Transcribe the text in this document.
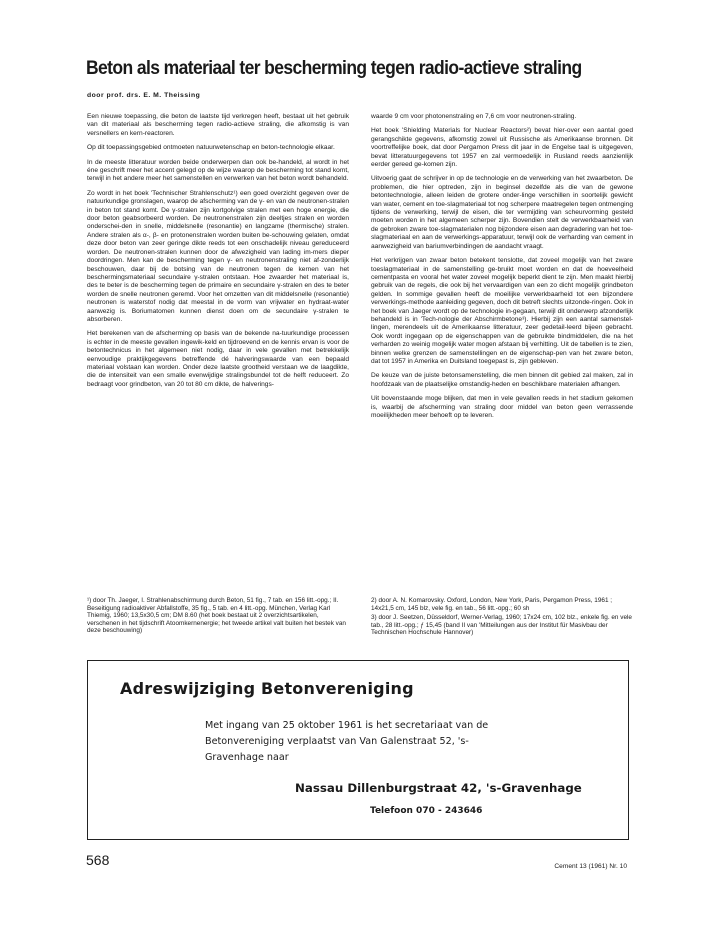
Beton als materiaal ter bescherming tegen radio-actieve straling

door prof. drs. E. M. Theissing

Een nieuwe toepassing, die beton de laatste tijd verkregen heeft, bestaat uit het gebruik van dit materiaal als bescherming tegen radio-actieve straling, die afkomstig is van versnellers en kern-reactoren.

Op dit toepassingsgebied ontmoeten natuurwetenschap en beton-technologie elkaar.

In de meeste litteratuur worden beide onderwerpen dan ook be-handeld, al wordt in het éne geschrift meer het accent gelegd op de wijze waarop de bescherming tot stand komt, terwijl in het andere meer het samenstellen en verwerken van het beton wordt behandeld.

Zo wordt in het boek 'Technischer Strahlenschutz¹) een goed overzicht gegeven over de natuurkundige gronslagen, waarop de afscherming van de γ- en van de neutronen-stralen in beton tot stand komt. De γ-stralen zijn kortgolvige stralen met een hoge energie, die door beton geabsorbeerd worden. De neutronenstralen zijn deeltjes stralen en worden onderschei-den in snelle, middelsnelle (resonantie) en langzame (thermische) stralen. Andere stralen als α-, β- en protonenstralen worden buiten be-schouwing gelaten, omdat deze door beton van zeer geringe dikte reeds tot een onschadelijk niveau gereduceerd worden. De neutronen-stralen kunnen door de afwezigheid van lading im-mers dieper doordringen. Men kan de bescherming tegen γ- en neutronenstraling niet af-zonderlijk beschouwen, daar bij de botsing van de neutronen tegen de kernen van het beschermingsmateriaal secundaire γ-stralen ontstaan. Hoe zwaarder het materiaal is, des te beter is de bescherming tegen de primaire en secundaire γ-stralen en des te beter worden de snelle neutronen geremd. Voor het omzetten van dit middelsnelle (resonantie) neutronen is waterstof nodig dat meestal in de vorm van vrijwater en hydraat-water aanwezig is. Boriumatomen kunnen dienst doen om de secundaire γ-stralen te absorberen.

Het berekenen van de afscherming op basis van de bekende na-tuurkundige processen is echter in de meeste gevallen ingewik-keld en tijdroevend en de kennis ervan is voor de betontechnicus in het algemeen niet nodig, daar in vele gevallen met betrekkelijk eenvoudige praktijkgegevens betreffende dé halveringswaarde van een bepaald materiaal volstaan kan worden. Onder deze laatste grootheid verstaan we de laagdikte, die de intensiteit van een smalle evenwijdige stralingsbundel tot de helft reduceert. Zo bedraagt voor grindbeton, van 20 tot 80 cm dikte, de halverings-

waarde 9 cm voor photonenstraling en 7,6 cm voor neutronen-straling.

Het boek 'Shielding Materials for Nuclear Reactors²) bevat hier-over een aantal goed gerangschikte gegevens, afkomstig zowel uit Russische als Amerikaanse bronnen. Dit voortreffelijke boek, dat door Pergamon Press dit jaar in de Engelse taal is uitgegeven, bevat litteratuurgegevens tot 1957 en zal vermoedelijk in Rusland reeds aanzienlijk eerder gereed ge-komen zijn.

Uitvoerig gaat de schrijver in op de technologie en de verwerking van het zwaarbeton. De problemen, die hier optreden, zijn in beginsel dezelfde als die van de gewone betontechnologie, alleen leiden de grotere onder-linge verschillen in soortelijk gewicht van water, cement en toe-slagmateriaal tot nog scherpere maatregelen tegen ontmenging tijdens de verwerking, terwijl de eisen, die ter vermijding van scheurvorming gesteld moeten worden in het algemeen scherper zijn. Bovendien stelt de verwerkbaarheid van de gebroken zware toe-slagmaterialen nog bijzondere eisen aan degradering van het toe-slagmateriaal en aan de verwerkings-apparatuur, terwijl ook de verharding van cement in aanwezigheid van bariumverbindingen de aandacht vraagt.

Het verkrijgen van zwaar beton betekent tenslotte, dat zoveel mogelijk van het zware toeslagmateriaal in de samenstelling ge-bruikt moet worden en dat de hoeveelheid cementpasta en vooral het water zoveel mogelijk beperkt dient te zijn. Men maakt hierbij gebruik van de regels, die ook bij het vervaardigen van een zo dicht mogelijk grindbeton gelden. In sommige gevallen heeft de moeilijke verwerkbaarheid tot een bijzondere verwerkings-methode aanleiding gegeven, doch dit betreft slechts uitzonde-ringen. Ook in het boek van Jaeger wordt op de technologie in-gegaan, terwijl dit onderwerp afzonderlijk behandeld is in 'Tech-nologie der Abschirmbetone³). Hierbij zijn een aantal samenstel-lingen, merendeels uit de Amerikaanse litteratuur, zeer gedetail-leerd bijeen gebracht. Ook wordt ingegaan op de eigenschappen van de gebruikte bindmiddelen, die na het verharden zo weinig mogelijk water mogen afstaan bij verhitting. Uit de tabellen is te zien, binnen welke grenzen de samenstellingen en de eigenschap-pen van het zware beton, dat tot 1957 in Amerika en Duitsland toegepast is, zijn gebleven.

De keuze van de juiste betonsamenstelling, die men binnen dit gebied zal maken, zal in hoofdzaak van de plaatselijke omstandig-heden en beschikbare materialen afhangen.

Uit bovenstaande moge blijken, dat men in vele gevallen reeds in het stadium gekomen is, waarbij de afscherming van straling door middel van beton geen verrassende moeilijkheden meer behoeft op te leveren.

¹) door Th. Jaeger, I. Strahlenabschirmung durch Beton, 51 fig., 7 tab. en 156 litt.-opg.; II. Beseitigung radioaktiver Abfallstoffe, 35 fig., 5 tab. en 4 litt.-opg. München, Verlag Karl Thiemig, 1960; 13,5x30,5 cm; DM 8.60 (het boek bestaat uit 2 overzichtsartikelen, verschenen in het tijdschrift Atoomkernenergie; het tweede artikel valt buiten het bestek van deze beschouwing)

2) door A. N. Komarovsky. Oxford, London, New York, Paris, Pergamon Press, 1961 ; 14x21,5 cm, 145 blz, vele fig. en tab., 56 litt.-opg.; 60 sh

3) door J. Seetzen, Düsseldorf, Werner-Verlag, 1960; 17x24 cm, 102 blz., enkele fig. en vele tab., 28 litt.-opg.; ƒ 15,45 (band II van 'Mitteilungen aus der Institut für Masivbau der Technischen Hochschule Hannover)

Adreswijziging Betonvereniging

Met ingang van 25 oktober 1961 is het secretariaat van de Betonvereniging verplaatst van Van Galenstraat 52, 's-Gravenhage naar

Nassau Dillenburgstraat 42, 's-Gravenhage

Telefoon 070 - 243646

568	Cement 13 (1961) Nr. 10
